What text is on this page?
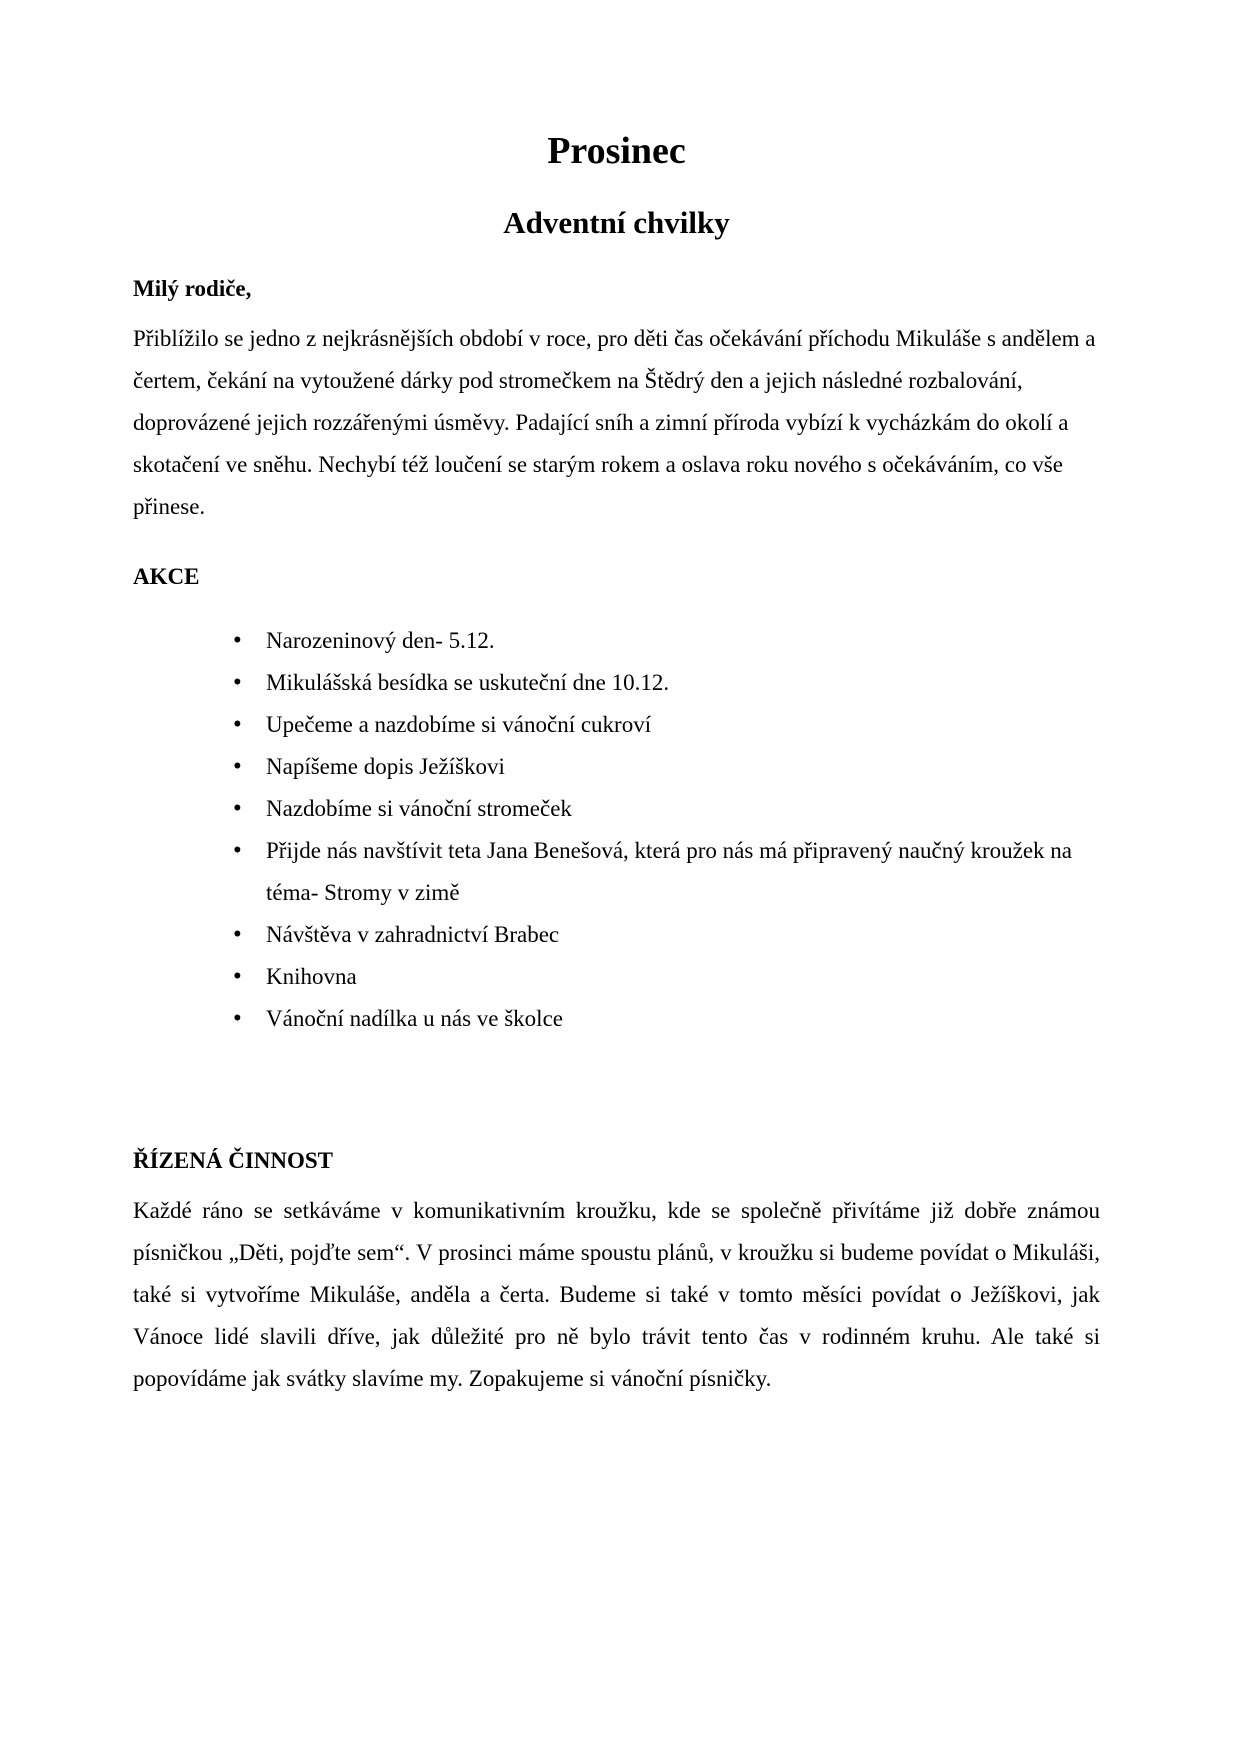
Prosinec
Adventní chvilky
Milý rodiče,

Přiblížilo se jedno z nejkrásnějších období v roce, pro děti čas očekávání příchodu Mikuláše s andělem a čertem, čekání na vytoužené dárky pod stromečkem na Štědrý den a jejich následné rozbalování, doprovázené jejich rozzářenými úsměvy. Padající sníh a zimní příroda vybízí k vycházkám do okolí a skotačení ve sněhu. Nechybí též loučení se starým rokem a oslava roku nového s očekáváním, co vše přinese.

AKCE
• Narozeninový den- 5.12.
• Mikulášská besídka se uskuteční dne 10.12.
• Upečeme a nazdobíme si vánoční cukroví
• Napíšeme dopis Ježíškovi
• Nazdobíme si vánoční stromeček
• Přijde nás navštívit teta Jana Benešová, která pro nás má připravený naučný kroužek na téma- Stromy v zimě
• Návštěva v zahradnictví Brabec
• Knihovna
• Vánoční nadílka u nás ve školce
ŘÍZENÁ ČINNOST

Každé ráno se setkáváme v komunikativním kroužku, kde se společně přivítáme již dobře známou písničkou „Děti, pojďte sem“. V prosinci máme spoustu plánů, v kroužku si budeme povídat o Mikuláši, také si vytvoříme Mikuláše, anděla a čerta. Budeme si také v tomto měsíci povídat o Ježíškovi, jak Vánoce lidé slavili dříve, jak důležité pro ně bylo trávit tento čas v rodinném kruhu. Ale také si popovídáme jak svátky slavíme my. Zopakujeme si vánoční písničky.
